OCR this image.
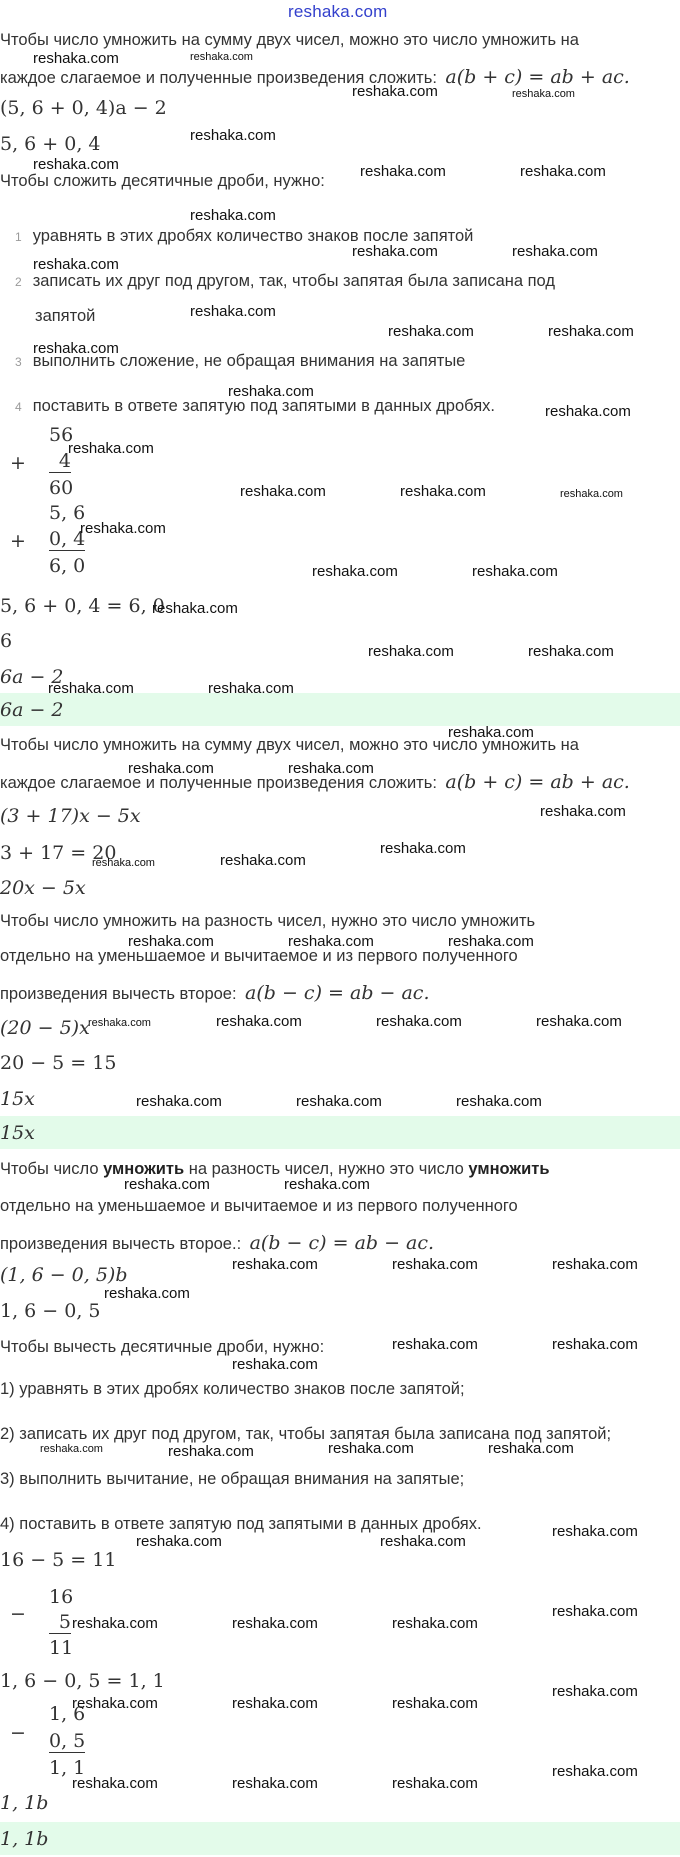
reshaka.com
Чтобы число умножить на сумму двух чисел, можно это число умножить на
каждое слагаемое и полученные произведения сложить: a(b + c) = ab + ac.
(5, 6 + 0, 4)a − 2
5, 6 + 0, 4
Чтобы сложить десятичные дроби, нужно:
1 уравнять в этих дробях количество знаков после запятой
2 записать их друг под другом, так, чтобы запятая была записана под
запятой
3 выполнить сложение, не обращая внимания на запятые
4 поставить в ответе запятую под запятыми в данных дробях.
+
56
4
60
+
5, 6
0, 4
6, 0
5, 6 + 0, 4 = 6, 0
6
6a − 2
6a − 2
Чтобы число умножить на сумму двух чисел, можно это число умножить на
каждое слагаемое и полученные произведения сложить: a(b + c) = ab + ac.
(3 + 17)x − 5x
3 + 17 = 20
20x − 5x
Чтобы число умножить на разность чисел, нужно это число умножить
отдельно на уменьшаемое и вычитаемое и из первого полученного
произведения вычесть второе: a(b − c) = ab − ac.
(20 − 5)x
20 − 5 = 15
15x
15x
Чтобы число умножить на разность чисел, нужно это число умножить
отдельно на уменьшаемое и вычитаемое и из первого полученного
произведения вычесть второе.: a(b − c) = ab − ac.
(1, 6 − 0, 5)b
1, 6 − 0, 5
Чтобы вычесть десятичные дроби, нужно:
1) уравнять в этих дробях количество знаков после запятой;
2) записать их друг под другом, так, чтобы запятая была записана под запятой;
3) выполнить вычитание, не обращая внимания на запятые;
4) поставить в ответе запятую под запятыми в данных дробях.
16 − 5 = 11
−
16
5
11
1, 6 − 0, 5 = 1, 1
−
1, 6
0, 5
1, 1
1, 1b
1, 1b
reshaka.com	reshaka.com
reshaka.com	reshaka.com
reshaka.com
reshaka.com	reshaka.com	reshaka.com
reshaka.com
reshaka.com
reshaka.com	reshaka.com
reshaka.com
reshaka.com	reshaka.com
reshaka.com
reshaka.com
reshaka.com
reshaka.com
reshaka.com	reshaka.com	reshaka.com
reshaka.com
reshaka.com	reshaka.com
reshaka.com
reshaka.com	reshaka.com
reshaka.com	reshaka.com
reshaka.com
reshaka.com	reshaka.com
reshaka.com
reshaka.com
reshaka.com	reshaka.com
reshaka.com	reshaka.com	reshaka.com
reshaka.com	reshaka.com	reshaka.com
reshaka.com
reshaka.com	reshaka.com	reshaka.com
reshaka.com	reshaka.com
reshaka.com	reshaka.com	reshaka.com
reshaka.com
reshaka.com	reshaka.com
reshaka.com
reshaka.com	reshaka.com	reshaka.com	reshaka.com
reshaka.com	reshaka.com
reshaka.com
reshaka.com	reshaka.com	reshaka.com
reshaka.com
reshaka.com	reshaka.com	reshaka.com
reshaka.com
reshaka.com	reshaka.com	reshaka.com
reshaka.com
